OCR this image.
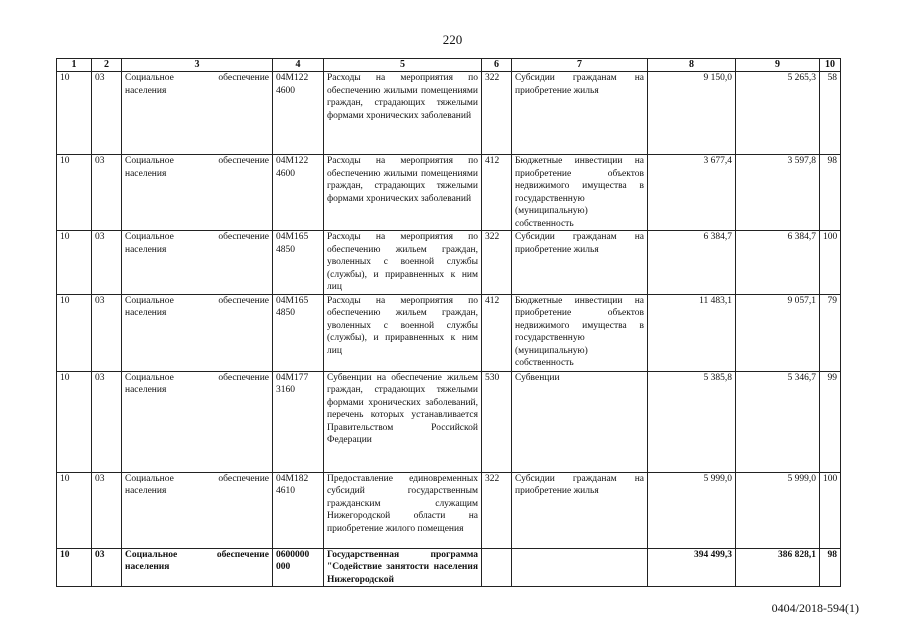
220
1	2	3	4	5	6	7	8	9	10
10	03	Социальное обеспечение населения	04М122 4600	Расходы на мероприятия по обеспечению жилыми помещениями граждан, страдающих тяжелыми формами хронических заболеваний	322	Субсидии гражданам на приобретение жилья	9 150,0	5 265,3	58
10	03	Социальное обеспечение населения	04М122 4600	Расходы на мероприятия по обеспечению жилыми помещениями граждан, страдающих тяжелыми формами хронических заболеваний	412	Бюджетные инвестиции на приобретение объектов недвижимого имущества в государственную (муниципальную) собственность	3 677,4	3 597,8	98
10	03	Социальное обеспечение населения	04М165 4850	Расходы на мероприятия по обеспечению жильем граждан, уволенных с военной службы (службы), и приравненных к ним лиц	322	Субсидии гражданам на приобретение жилья	6 384,7	6 384,7	100
10	03	Социальное обеспечение населения	04М165 4850	Расходы на мероприятия по обеспечению жильем граждан, уволенных с военной службы (службы), и приравненных к ним лиц	412	Бюджетные инвестиции на приобретение объектов недвижимого имущества в государственную (муниципальную) собственность	11 483,1	9 057,1	79
10	03	Социальное обеспечение населения	04М177 3160	Субвенции на обеспечение жильем граждан, страдающих тяжелыми формами хронических заболеваний, перечень которых устанавливается Правительством Российской Федерации	530	Субвенции	5 385,8	5 346,7	99
10	03	Социальное обеспечение населения	04М182 4610	Предоставление единовременных субсидий государственным гражданским служащим Нижегородской области на приобретение жилого помещения	322	Субсидии гражданам на приобретение жилья	5 999,0	5 999,0	100
10	03	Социальное обеспечение населения	0600000 000	Государственная программа "Содействие занятости населения Нижегородской			394 499,3	386 828,1	98
0404/2018-594(1)
